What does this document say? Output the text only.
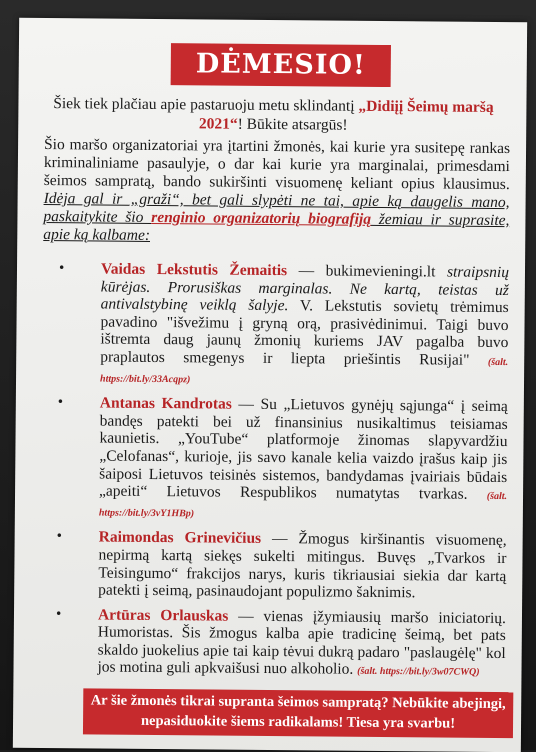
DĖMESIO!
Šiek tiek plačiau apie pastaruoju metu sklindantį „Didiįį Šeimų maršą 2021“! Būkite atsargūs!
Šio maršo organizatoriai yra įtartini žmonės, kai kurie yra susitepę rankas kriminaliniame pasaulyje, o dar kai kurie yra marginalai, primesdami šeimos sampratą, bando sukiršinti visuomenę keliant opius klausimus. Idėja gal ir „graži“, bet gali slypėti ne tai, apie ką daugelis mano, paskaitykite šio renginio organizatorių biografiją žemiau ir suprasite, apie ką kalbame:
• Vaidas Lekstutis Žemaitis — bukimevieningi.lt straipsnių kūrėjas. Prorusiškas marginalas. Ne kartą, teistas už antivalstybinę veiklą šalyje. V. Lekstutis sovietų trėmimus pavadino "išvežimu į gryną orą, prasivėdinimui. Taigi buvo ištremta daug jaunų žmonių kuriems JAV pagalba buvo praplautos smegenys ir liepta priešintis Rusijai" (šalt. https://bit.ly/33Acqpz)
• Antanas Kandrotas — Su „Lietuvos gynėjų sąjunga“ į seimą bandęs patekti bei už finansinius nusikaltimus teisiamas kaunietis. „YouTube“ platformoje žinomas slapyvardžiu „Celofanas“, kurioje, jis savo kanale kelia vaizdo įrašus kaip jis šaiposi Lietuvos teisinės sistemos, bandydamas įvairiais būdais „apeiti“ Lietuvos Respublikos numatytas tvarkas. (šalt. https://bit.ly/3vY1HBp)
• Raimondas Grinevičius — Žmogus kiršinantis visuomenę, nepirmą kartą siekęs sukelti mitingus. Buvęs „Tvarkos ir Teisingumo“ frakcijos narys, kuris tikriausiai siekia dar kartą patekti į seimą, pasinaudojant populizmo šaknimis.
• Artūras Orlauskas — vienas įžymiausių maršo iniciatorių. Humoristas. Šis žmogus kalba apie tradicinę šeimą, bet pats skaldo juokelius apie tai kaip tėvui dukrą padaro "paslaugėlę" kol jos motina guli apkvaišusi nuo alkoholio. (šalt. https://bit.ly/3w07CWQ)
Ar šie žmonės tikrai supranta šeimos sampratą? Nebūkite abejingi, nepasiduokite šiems radikalams! Tiesa yra svarbu!
